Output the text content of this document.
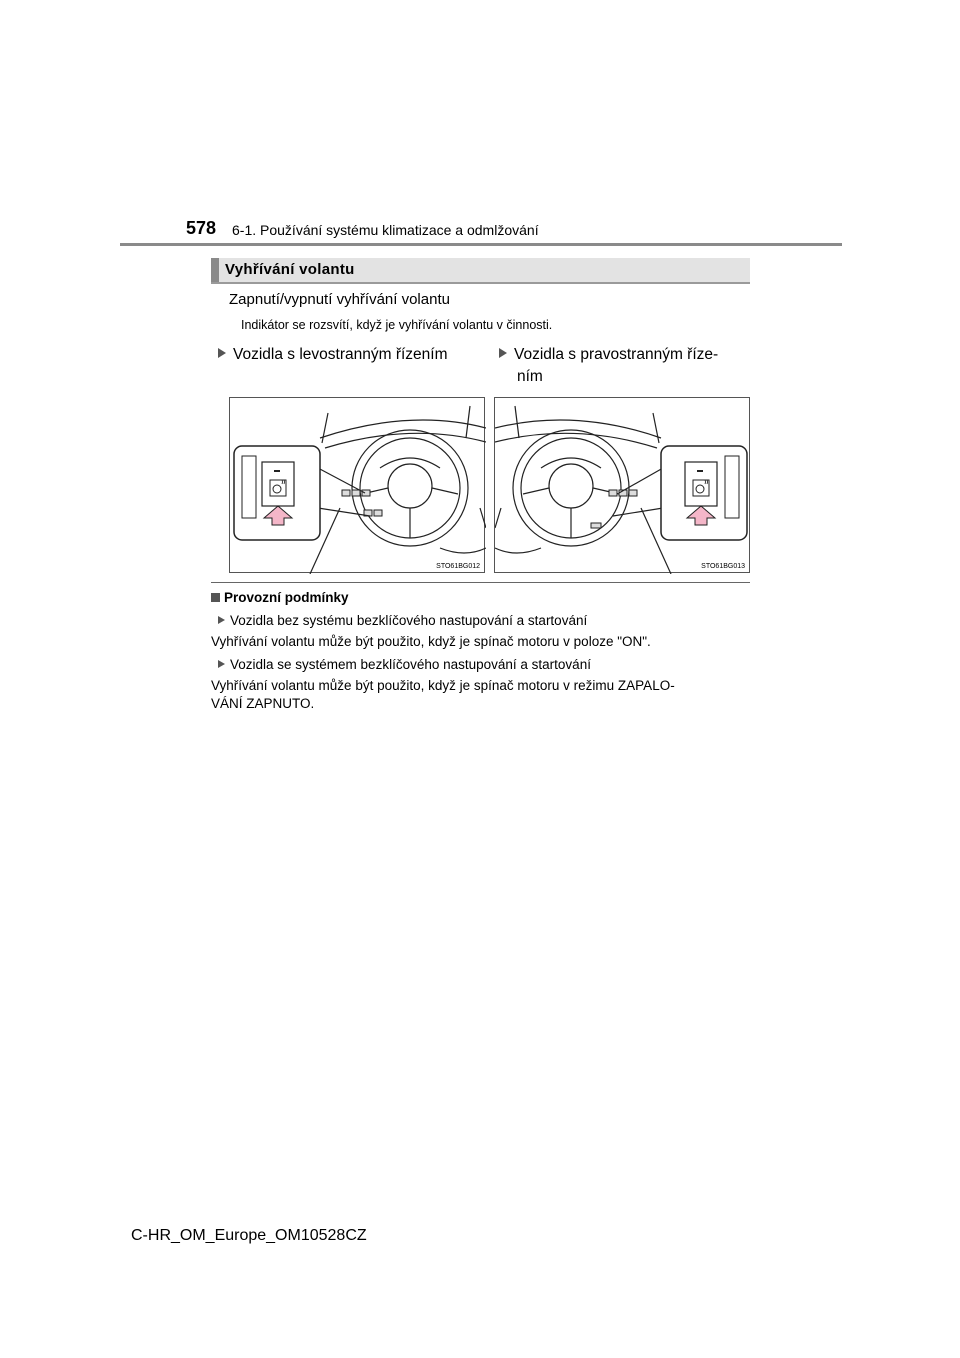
578 6-1. Používání systému klimatizace a odmlžování
Vyhřívání volantu
Zapnutí/vypnutí vyhřívání volantu
Indikátor se rozsvítí, když je vyhřívání volantu v činnosti.
Vozidla s levostranným řízením	Vozidla s pravostranným říze-
ním
STO61BG012	STO61BG013
Provozní podmínky
Vozidla bez systému bezklíčového nastupování a startování
Vyhřívání volantu může být použito, když je spínač motoru v poloze "ON".
Vozidla se systémem bezklíčového nastupování a startování
Vyhřívání volantu může být použito, když je spínač motoru v režimu ZAPALO-
VÁNÍ ZAPNUTO.
C-HR_OM_Europe_OM10528CZ
